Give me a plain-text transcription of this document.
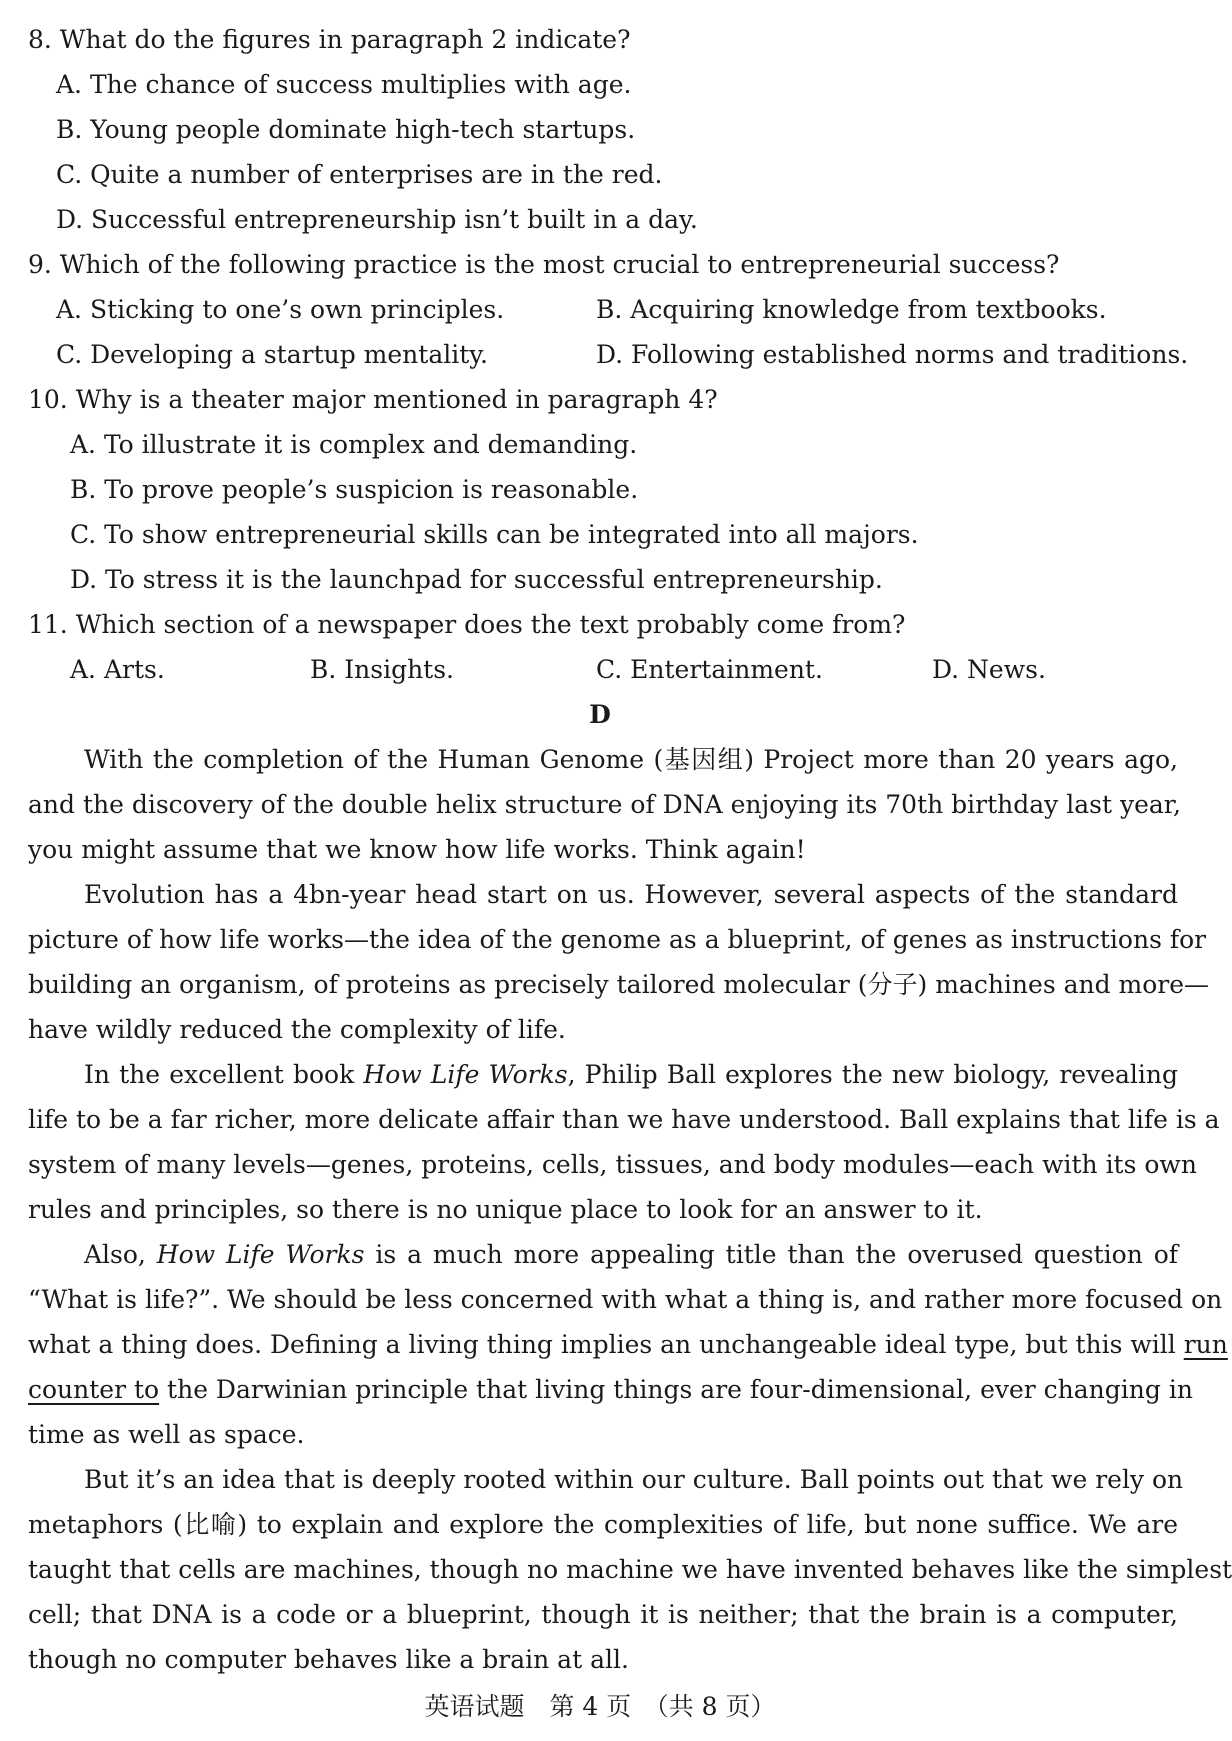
8. What do the figures in paragraph 2 indicate?
A. The chance of success multiplies with age.
B. Young people dominate high-tech startups.
C. Quite a number of enterprises are in the red.
D. Successful entrepreneurship isn’t built in a day.
9. Which of the following practice is the most crucial to entrepreneurial success?
A. Sticking to one’s own principles.	B. Acquiring knowledge from textbooks.
C. Developing a startup mentality.	D. Following established norms and traditions.
10. Why is a theater major mentioned in paragraph 4?
A. To illustrate it is complex and demanding.
B. To prove people’s suspicion is reasonable.
C. To show entrepreneurial skills can be integrated into all majors.
D. To stress it is the launchpad for successful entrepreneurship.
11. Which section of a newspaper does the text probably come from?
A. Arts.	B. Insights.	C. Entertainment.	D. News.
D
With the completion of the Human Genome (基因组) Project more than 20 years ago,
and the discovery of the double helix structure of DNA enjoying its 70th birthday last year,
you might assume that we know how life works. Think again!
Evolution has a 4bn-year head start on us. However, several aspects of the standard
picture of how life works—the idea of the genome as a blueprint, of genes as instructions for
building an organism, of proteins as precisely tailored molecular (分子) machines and more—
have wildly reduced the complexity of life.
In the excellent book How Life Works, Philip Ball explores the new biology, revealing
life to be a far richer, more delicate affair than we have understood. Ball explains that life is a
system of many levels—genes, proteins, cells, tissues, and body modules—each with its own
rules and principles, so there is no unique place to look for an answer to it.
Also, How Life Works is a much more appealing title than the overused question of
“What is life?”. We should be less concerned with what a thing is, and rather more focused on
what a thing does. Defining a living thing implies an unchangeable ideal type, but this will run
counter to the Darwinian principle that living things are four-dimensional, ever changing in
time as well as space.
But it’s an idea that is deeply rooted within our culture. Ball points out that we rely on
metaphors (比喻) to explain and explore the complexities of life, but none suffice. We are
taught that cells are machines, though no machine we have invented behaves like the simplest
cell; that DNA is a code or a blueprint, though it is neither; that the brain is a computer,
though no computer behaves like a brain at all.
英语试题　第 4 页　（共 8 页）
